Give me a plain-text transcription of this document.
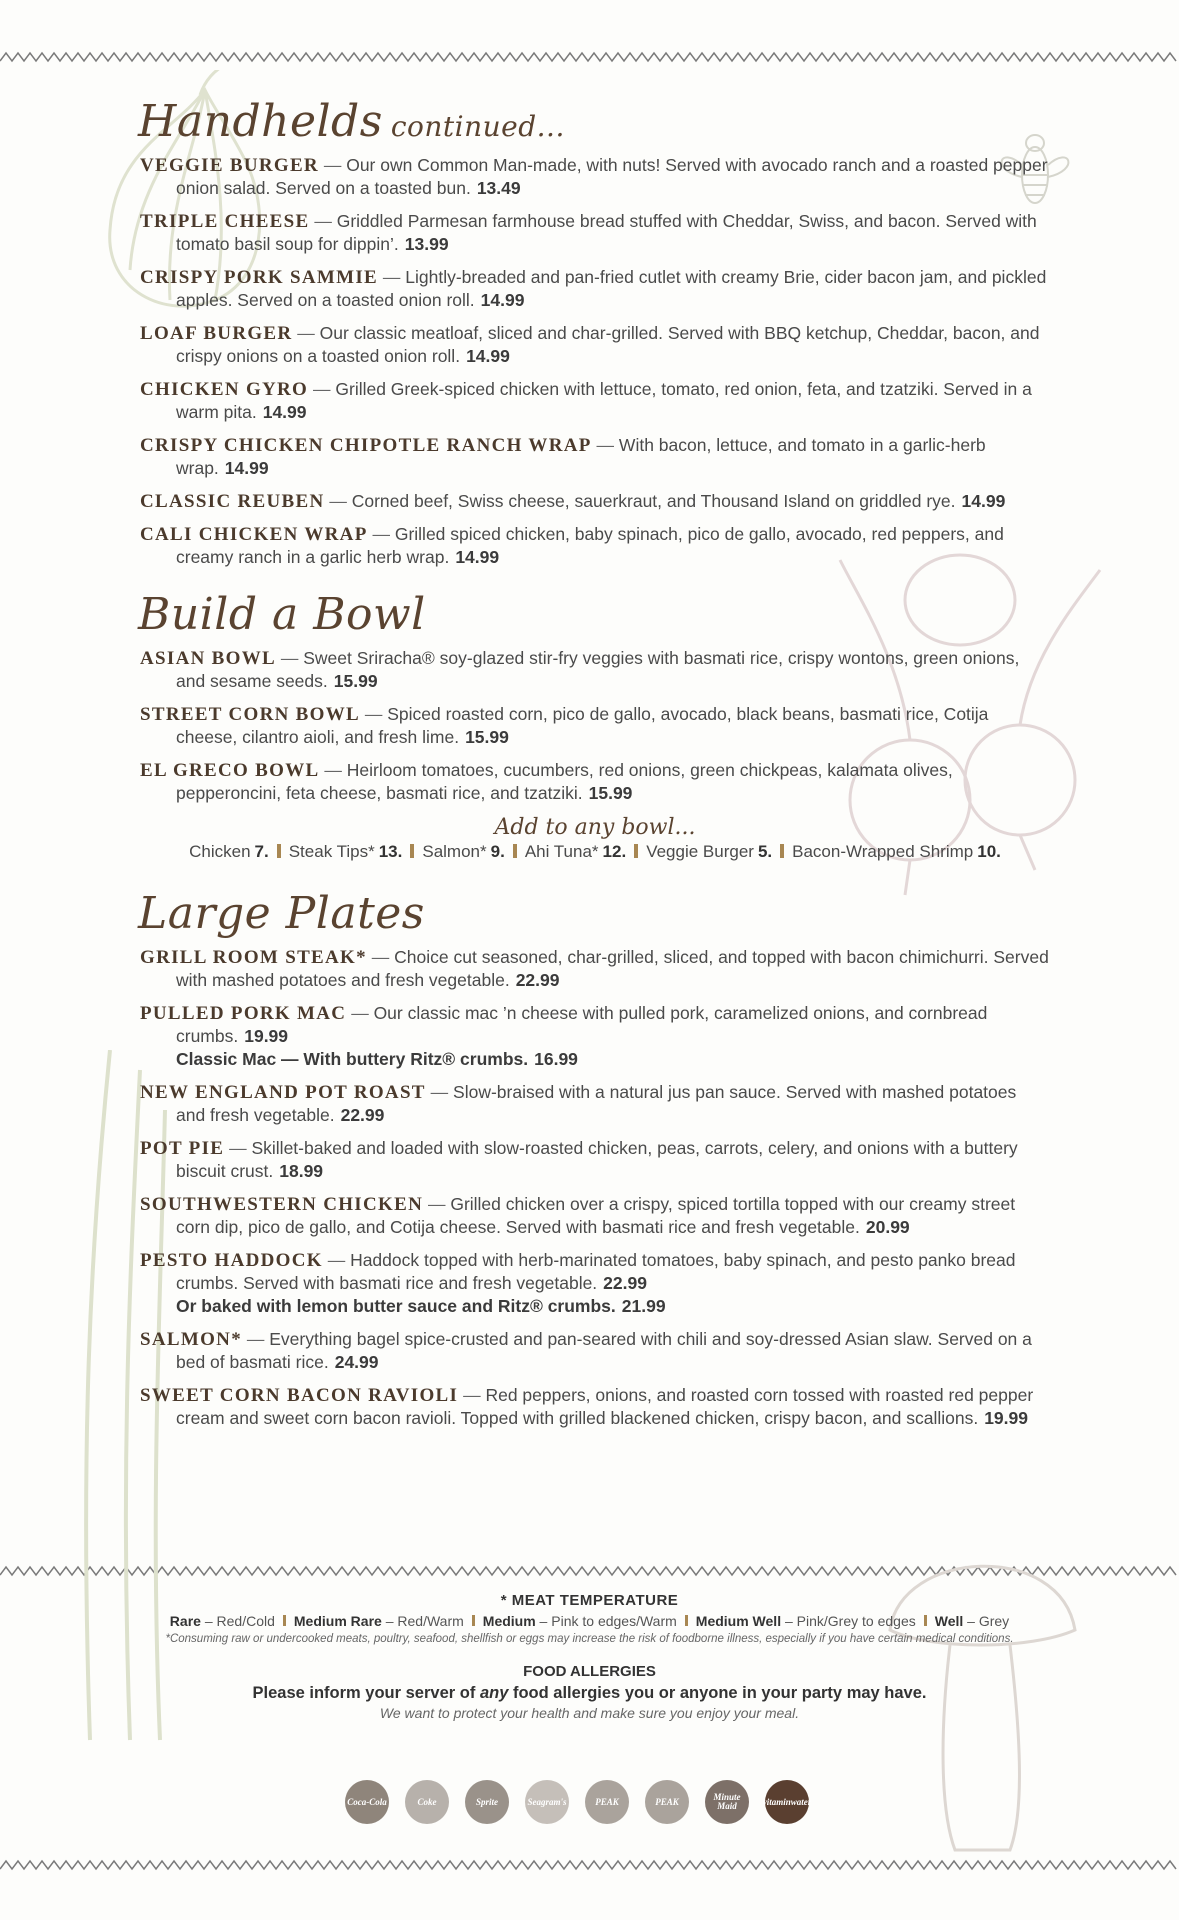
Handhelds continued...
VEGGIE BURGER — Our own Common Man-made, with nuts! Served with avocado ranch and a roasted pepper onion salad. Served on a toasted bun. 13.49
TRIPLE CHEESE — Griddled Parmesan farmhouse bread stuffed with Cheddar, Swiss, and bacon. Served with tomato basil soup for dippin’. 13.99
CRISPY PORK SAMMIE — Lightly-breaded and pan-fried cutlet with creamy Brie, cider bacon jam, and pickled apples. Served on a toasted onion roll. 14.99
LOAF BURGER — Our classic meatloaf, sliced and char-grilled. Served with BBQ ketchup, Cheddar, bacon, and crispy onions on a toasted onion roll. 14.99
CHICKEN GYRO — Grilled Greek-spiced chicken with lettuce, tomato, red onion, feta, and tzatziki. Served in a warm pita. 14.99
CRISPY CHICKEN CHIPOTLE RANCH WRAP — With bacon, lettuce, and tomato in a garlic-herb wrap. 14.99
CLASSIC REUBEN — Corned beef, Swiss cheese, sauerkraut, and Thousand Island on griddled rye. 14.99
CALI CHICKEN WRAP — Grilled spiced chicken, baby spinach, pico de gallo, avocado, red peppers, and creamy ranch in a garlic herb wrap. 14.99
Build a Bowl
ASIAN BOWL — Sweet Sriracha® soy-glazed stir-fry veggies with basmati rice, crispy wontons, green onions, and sesame seeds. 15.99
STREET CORN BOWL — Spiced roasted corn, pico de gallo, avocado, black beans, basmati rice, Cotija cheese, cilantro aioli, and fresh lime. 15.99
EL GRECO BOWL — Heirloom tomatoes, cucumbers, red onions, green chickpeas, kalamata olives, pepperoncini, feta cheese, basmati rice, and tzatziki. 15.99
Add to any bowl...
Chicken 7. Steak Tips* 13. Salmon* 9. Ahi Tuna* 12. Veggie Burger 5. Bacon-Wrapped Shrimp 10.
Large Plates
GRILL ROOM STEAK* — Choice cut seasoned, char-grilled, sliced, and topped with bacon chimichurri. Served with mashed potatoes and fresh vegetable. 22.99
PULLED PORK MAC — Our classic mac ’n cheese with pulled pork, caramelized onions, and cornbread crumbs. 19.99
Classic Mac — With buttery Ritz® crumbs. 16.99
NEW ENGLAND POT ROAST — Slow-braised with a natural jus pan sauce. Served with mashed potatoes and fresh vegetable. 22.99
POT PIE — Skillet-baked and loaded with slow-roasted chicken, peas, carrots, celery, and onions with a buttery biscuit crust. 18.99
SOUTHWESTERN CHICKEN — Grilled chicken over a crispy, spiced tortilla topped with our creamy street corn dip, pico de gallo, and Cotija cheese. Served with basmati rice and fresh vegetable. 20.99
PESTO HADDOCK — Haddock topped with herb-marinated tomatoes, baby spinach, and pesto panko bread crumbs. Served with basmati rice and fresh vegetable. 22.99
Or baked with lemon butter sauce and Ritz® crumbs. 21.99
SALMON* — Everything bagel spice-crusted and pan-seared with chili and soy-dressed Asian slaw. Served on a bed of basmati rice. 24.99
SWEET CORN BACON RAVIOLI — Red peppers, onions, and roasted corn tossed with roasted red pepper cream and sweet corn bacon ravioli. Topped with grilled blackened chicken, crispy bacon, and scallions. 19.99
* MEAT TEMPERATURE
Rare – Red/Cold Medium Rare – Red/Warm Medium – Pink to edges/Warm Medium Well – Pink/Grey to edges Well – Grey
*Consuming raw or undercooked meats, poultry, seafood, shellfish or eggs may increase the risk of foodborne illness, especially if you have certain medical conditions.
FOOD ALLERGIES
Please inform your server of any food allergies you or anyone in your party may have.
We want to protect your health and make sure you enjoy your meal.
Coca-Cola	Coke	Sprite	Seagram's	PEAK	PEAK	Minute Maid	vitaminwater
